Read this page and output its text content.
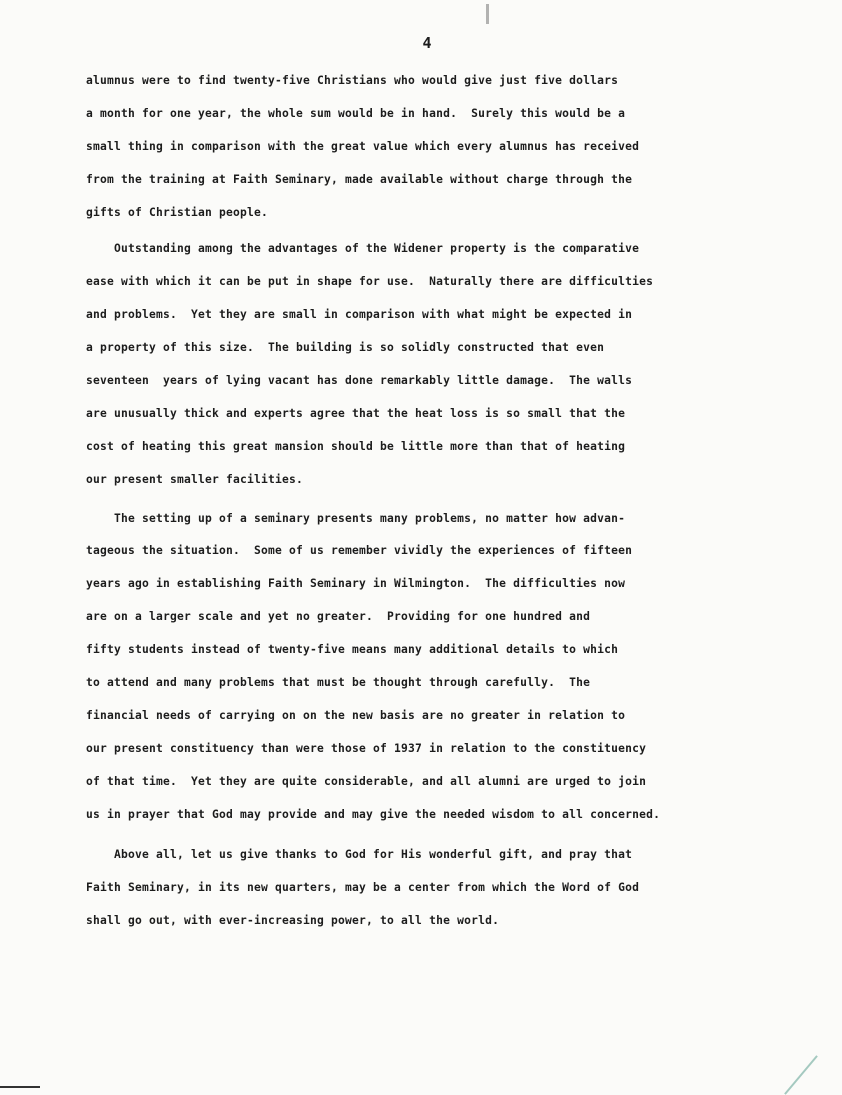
4
alumnus were to find twenty-five Christians who would give just five dollars
a month for one year, the whole sum would be in hand.  Surely this would be a
small thing in comparison with the great value which every alumnus has received
from the training at Faith Seminary, made available without charge through the
gifts of Christian people.
Outstanding among the advantages of the Widener property is the comparative
ease with which it can be put in shape for use.  Naturally there are difficulties
and problems.  Yet they are small in comparison with what might be expected in
a property of this size.  The building is so solidly constructed that even
seventeen  years of lying vacant has done remarkably little damage.  The walls
are unusually thick and experts agree that the heat loss is so small that the
cost of heating this great mansion should be little more than that of heating
our present smaller facilities.
The setting up of a seminary presents many problems, no matter how advan-
tageous the situation.  Some of us remember vividly the experiences of fifteen
years ago in establishing Faith Seminary in Wilmington.  The difficulties now
are on a larger scale and yet no greater.  Providing for one hundred and
fifty students instead of twenty-five means many additional details to which
to attend and many problems that must be thought through carefully.  The
financial needs of carrying on on the new basis are no greater in relation to
our present constituency than were those of 1937 in relation to the constituency
of that time.  Yet they are quite considerable, and all alumni are urged to join
us in prayer that God may provide and may give the needed wisdom to all concerned.
Above all, let us give thanks to God for His wonderful gift, and pray that
Faith Seminary, in its new quarters, may be a center from which the Word of God
shall go out, with ever-increasing power, to all the world.
